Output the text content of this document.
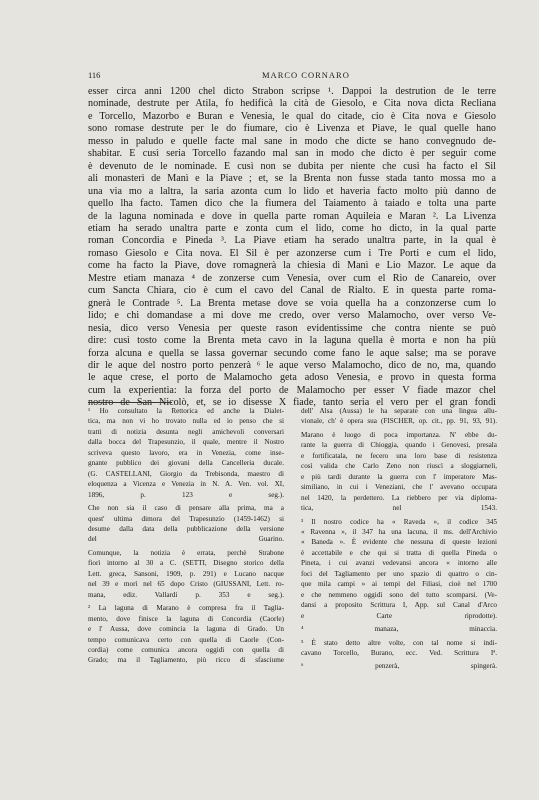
116	MARCO CORNARO
esser circa anni 1200 chel dicto Strabon scripse ¹. Dappoi la destrution de le terre
nominade, destrute per Atila, fo hedificà la cità de Giesolo, e Cita nova dicta Recliana
e Torcello, Mazorbo e Buran e Venesia, le qual do citade, cio è Cita nova e Giesolo
sono romase destrute per le do fiumare, cio è Livenza et Piave, le qual quelle hano
messo in paludo e quelle facte mal sane in modo che dicte se hano convegnudo de-
shabitar. E cusì seria Torcello fazando mal san in modo che dicto è per seguir come
è devenuto de le nominade. E cusì non se dubita per niente che cusì ha facto el Sil
ali monasterì de Manì e la Piave ; et, se la Brenta non fusse stada tanto mossa mo a
una via mo a laltra, la saria azonta cum lo lido et haveria facto molto più danno de
quello lha facto. Tamen dico che la fiumera del Taiamento à taiado e tolta una parte
de la laguna nominada e dove in quella parte roman Aquileia e Maran ². La Livenza
etiam ha serado unaltra parte e zonta cum el lido, come ho dicto, in la qual parte
roman Concordia e Pineda ³. La Piave etiam ha serado unaltra parte, in la qual è
romaso Giesolo e Cita nova. El Sil è per azonzerse cum i Tre Porti e cum el lido,
come ha facto la Piave, dove romagnerà la chiesia di Manì e Lio Mazor. Le aque da
Mestre etiam manaza ⁴ de zonzerse cum Venesia, over cum el Rio de Canareio, over
cum Sancta Chiara, cio è cum el cavo del Canal de Rialto. E in questa parte roma-
gnerà le Contrade ⁵. La Brenta metase dove se voia quella ha a conzonzerse cum lo
lido; e chi domandase a mi dove me credo, over verso Malamocho, over verso Ve-
nesia, dico verso Venesia per queste rason evidentissime che contra niente se può
dire: cusì tosto come la Brenta meta cavo in la laguna quella è morta e non ha più
forza alcuna e quella se lassa governar secundo come fano le aque salse; ma se porave
dir le aque del nostro porto penzerà ⁶ le aque verso Malamocho, dico de no, ma, quando
le aque crese, el porto de Malamocho geta adoso Venesia, e provo in questa forma
cum la experientia: la forza del porto de Malamocho per esser V fiade mazor chel
nostro de San Nicolò, et, se io disesse X fiade, tanto seria el vero per el gran fondi
¹ Ho consultato la Rettorica ed anche la Dialet-
tica, ma non vi ho trovato nulla ed io penso che si
tratti di notizia desunta negli amichevoli conversari
dalla bocca del Trapesunzio, il quale, mentre il Nostro
scriveva questo lavoro, era in Venezia, come inse-
gnante pubblico dei giovani della Cancelleria ducale.
(G. CASTELLANI, Giorgio da Trebisonda, maestro di
eloquenza a Vicenza e Venezia in N. A. Ven. vol. XI,
1896, p. 123 e seg.).
Che non sia il caso di pensare alla prima, ma a
quest' ultima dimora del Trapesunzio (1459-1462) si
desume dalla data della pubblicazione della versione
del Guarino.
Comunque, la notizia è errata, perchè Strabone
fiorì intorno al 30 a C. (SETTI, Disegno storico della
Lett. greca, Sansoni, 1909, p. 291) e Lucano nacque
nel 39 e morì nel 65 dopo Cristo (GIUSSANI, Lett. ro-
mana, ediz. Vallardi p. 353 e seg.).
² La laguna di Marano è compresa fra il Taglia-
mento, dove finisce la laguna di Concordia (Caorle)
e l' Aussa, dove comincia la laguna di Grado. Un
tempo comunicava certo con quella di Caorle (Con-
cordia) come comunica ancora oggidì con quella di
Grado; ma il Tagliamento, più ricco di sfasciume
dell' Alsa (Aussa) le ha separate con una lingua allu-
vionale, ch' è opera sua (FISCHER, op. cit., pp. 91, 93, 91).
Marano è luogo di poca importanza. N' ebbe du-
rante la guerra di Chioggia, quando i Genovesi, presala
e fortificatala, ne fecero una loro base di resistenza
così valida che Carlo Zeno non riuscì a sloggiarneli,
e più tardi durante la guerra con l' imperatore Mas-
similiano, in cui i Veneziani, che l' avevano occupata
nel 1420, la perdettero. La riebbero per via diploma-
tica, nel 1543.
³ Il nostro codice ha « Raveda », il codice 345
« Ravenna », il 347 ha una lacuna, il ms. dell'Archivio
« Baneda ». È evidente che nessuna di queste lezioni
è accettabile e che qui si tratta di quella Pineda o
Pineta, i cui avanzi vedevansi ancora « intorno alle
foci del Tagliamento per uno spazio di quattro o cin-
que mila campi » ai tempi del Filiasi, cioè nel 1700
e che nemmeno oggidì sono del tutto scomparsi. (Ve-
dansi a proposito Scrittura I, App. sul Canal d'Arco
e Carte riprodotte).
⁴ manaza, minaccia.
⁵ È stato detto altre volte, con tal nome si indi-
cavano Torcello, Burano, ecc. Ved. Scrittura Iª.
⁶ penzerà, spingerà.
